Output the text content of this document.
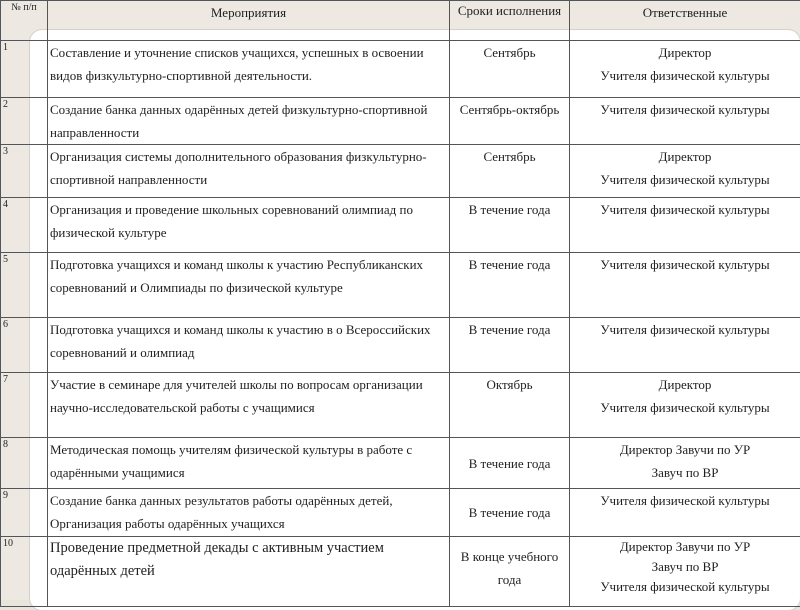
№ п/п	Мероприятия	Сроки исполнения	Ответственные
1	Составление и уточнение списков учащихся, успешных в освоении видов физкультурно-спортивной деятельности.	Сентябрь	Директор
Учителя физической культуры

2	Создание банка данных одарённых детей физкультурно-спортивной направленности	Сентябрь-октябрь	Учителя физической культуры

3	Организация системы дополнительного образования физкультурно-спортивной направленности	Сентябрь	Директор
Учителя физической культуры

4	Организация и проведение школьных соревнований олимпиад по физической культуре	В течение года	Учителя физической культуры

5	Подготовка учащихся и команд школы к участию Республиканских соревнований и Олимпиады по физической культуре	В течение года	Учителя физической культуры

6	Подготовка учащихся и команд школы к участию в о Всероссийских соревнований и олимпиад	В течение года	Учителя физической культуры

7	Участие в семинаре для учителей школы по вопросам организации научно-исследовательской работы с учащимися	Октябрь	Директор
Учителя физической культуры

8	Методическая помощь учителям физической культуры в работе с одарёнными учащимися	В течение года	Директор Завучи по УР
Завуч по ВР

9	Создание банка данных результатов работы одарённых детей, Организация работы одарённых учащихся	В течение года	Учителя физической культуры

10	Проведение предметной декады с активным участием одарённых детей	В конце учебного года	Директор Завучи по УР
Завуч по ВР
Учителя физической культуры
